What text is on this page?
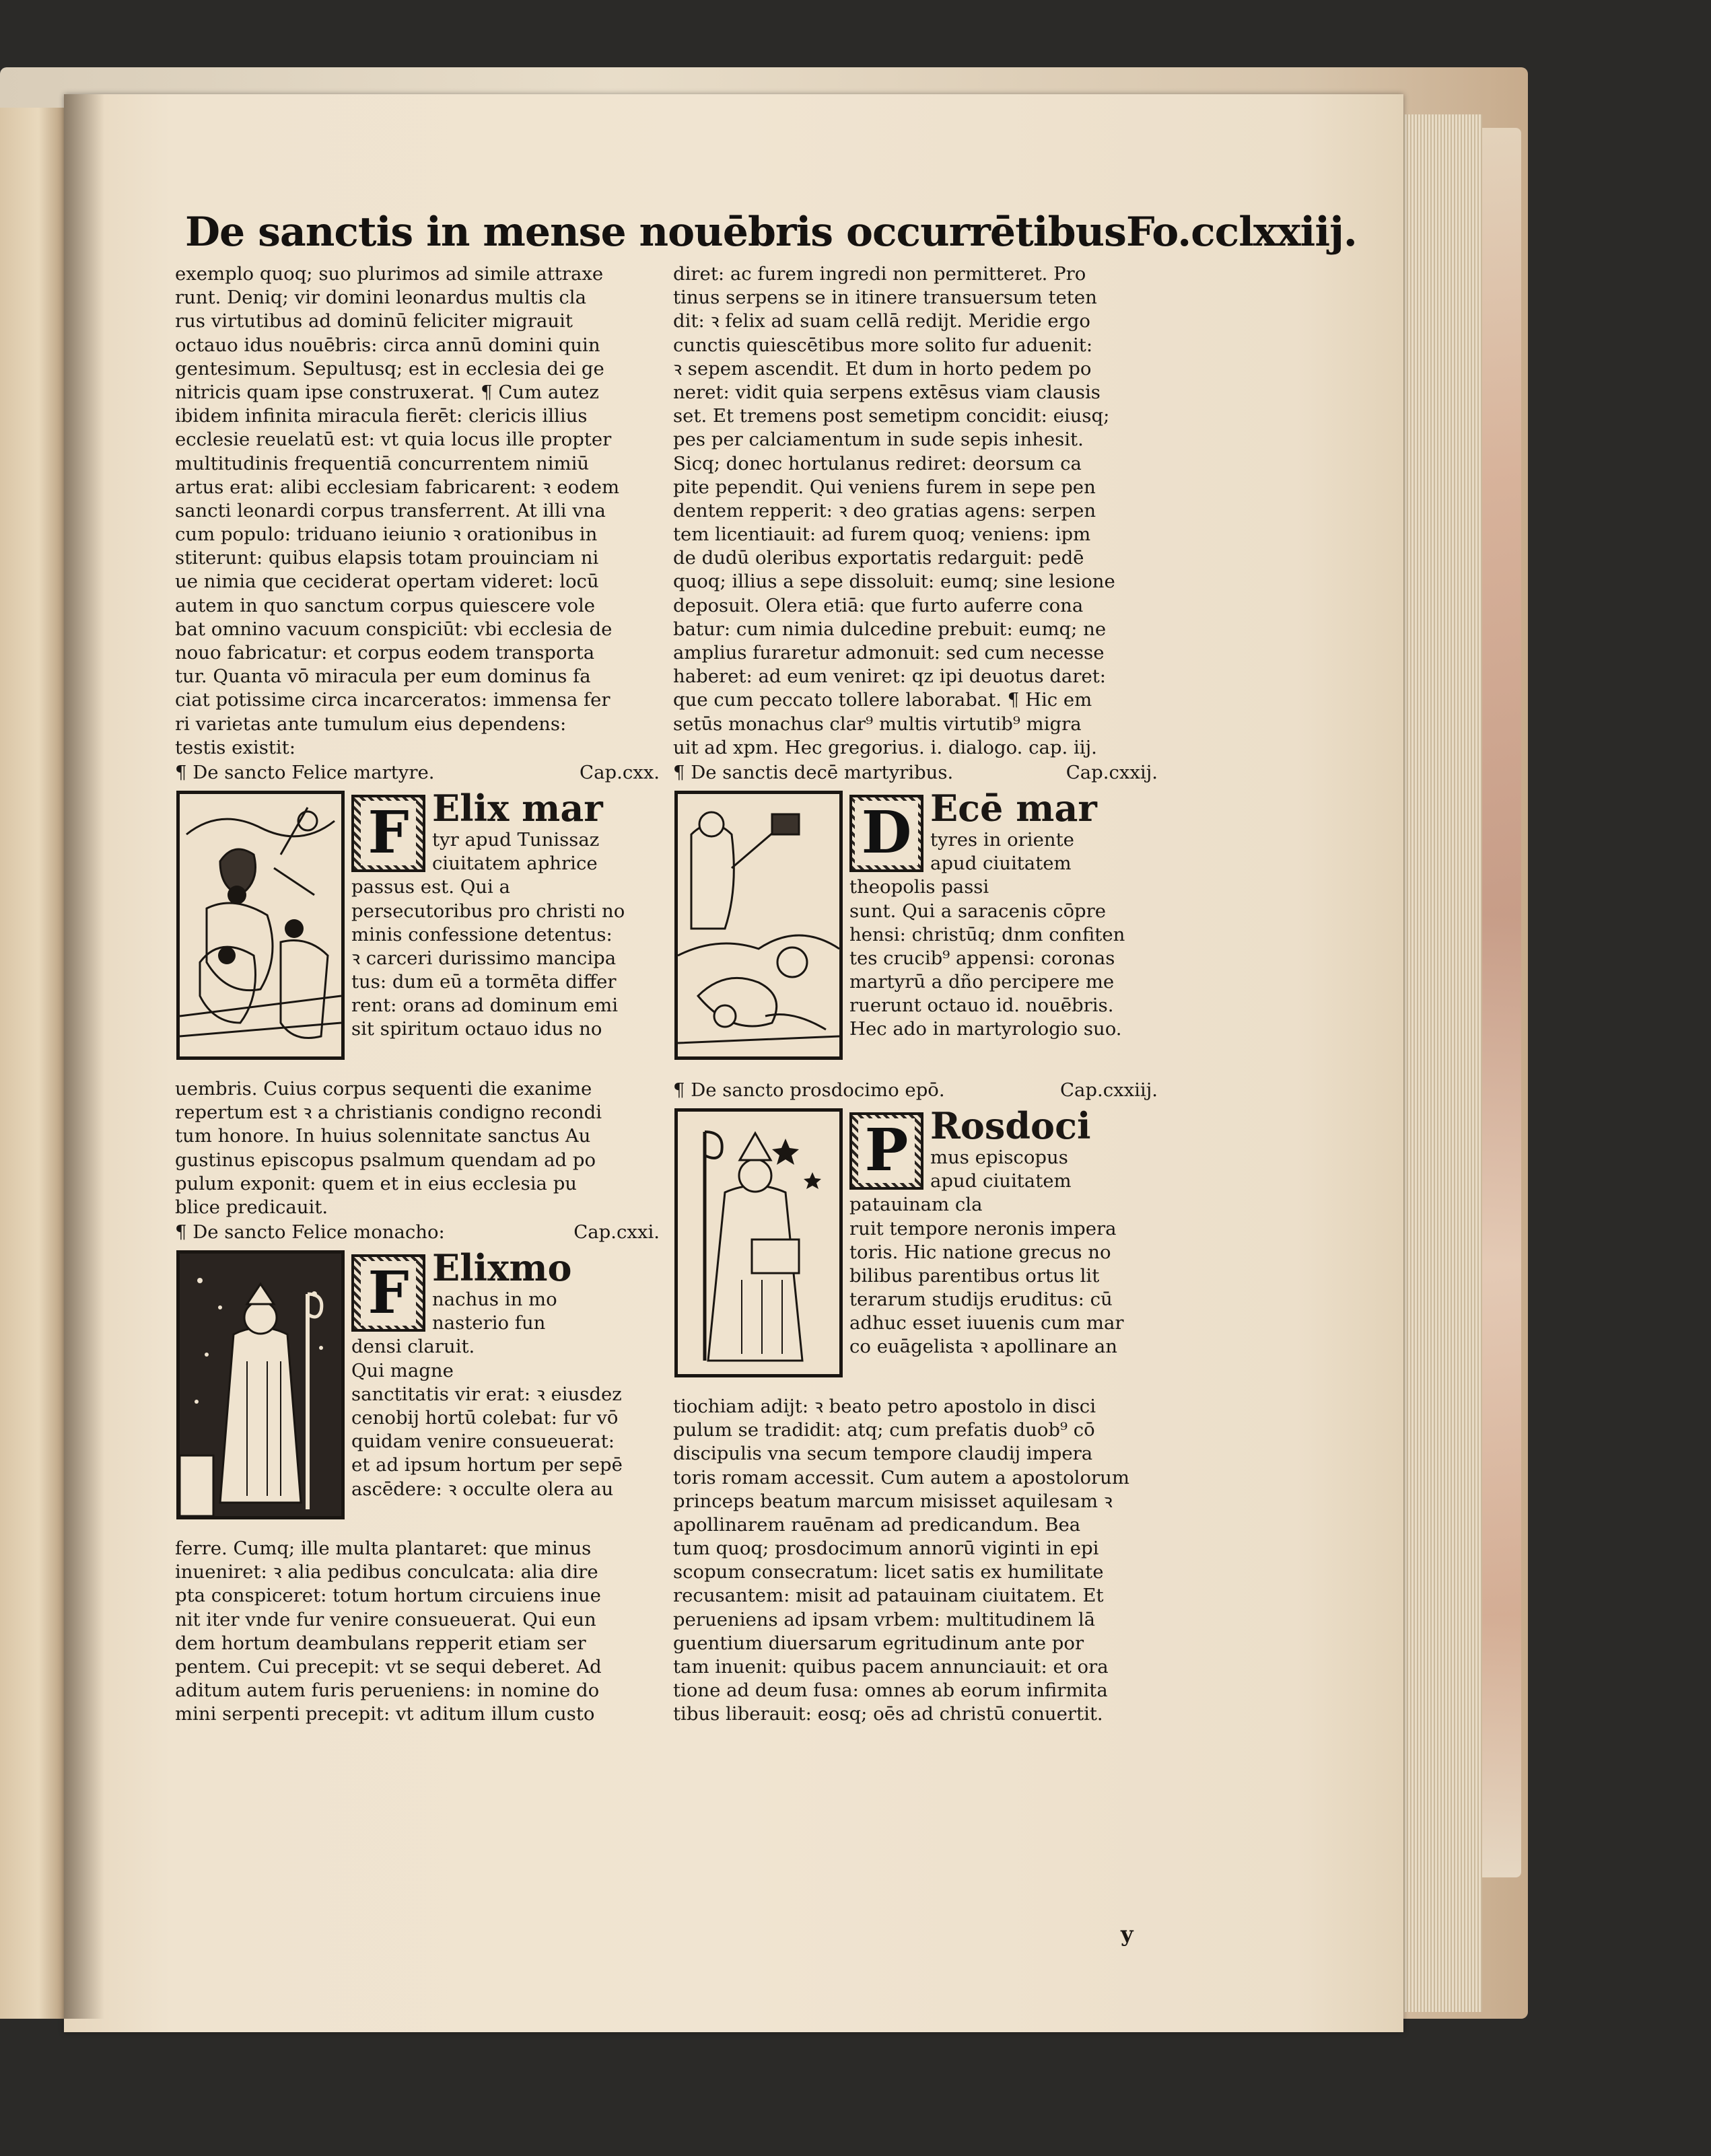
De sanctis in mense nouēbris occurrētibus Fo.cclxxiij.
exemplo quoq; suo plurimos ad simile attraxe
runt. Deniq; vir domini leonardus multis cla
rus virtutibus ad dominū feliciter migrauit
octauo idus nouēbris: circa annū domini quin
gentesimum. Sepultusq; est in ecclesia dei ge
nitricis quam ipse construxerat. ¶ Cum autez
ibidem infinita miracula fierēt: clericis illius
ecclesie reuelatū est: vt quia locus ille propter
multitudinis frequentiā concurrentem nimiū
artus erat: alibi ecclesiam fabricarent: ꝛ eodem
sancti leonardi corpus transferrent. At illi vna
cum populo: triduano ieiunio ꝛ orationibus in
stiterunt: quibus elapsis totam prouinciam ni
ue nimia que ceciderat opertam videret: locū
autem in quo sanctum corpus quiescere vole
bat omnino vacuum conspiciūt: vbi ecclesia de
nouo fabricatur: et corpus eodem transporta
tur. Quanta vō miracula per eum dominus fa
ciat potissime circa incarceratos: immensa fer
ri varietas ante tumulum eius dependens:
testis existit:
¶ De sancto Felice martyre.	Cap.cxx.
F Elix mar
tyr apud Tunissaz
ciuitatem aphrice
passus est. Qui a
persecutoribus pro christi no
minis confessione detentus:
ꝛ carceri durissimo mancipa
tus: dum eū a tormēta differ
rent: orans ad dominum emi
sit spiritum octauo idus no
uembris. Cuius corpus sequenti die exanime
repertum est ꝛ a christianis condigno recondi
tum honore. In huius solennitate sanctus Au
gustinus episcopus psalmum quendam ad po
pulum exponit: quem et in eius ecclesia pu
blice predicauit.
¶ De sancto Felice monacho:	Cap.cxxi.
F Elixmo
nachus in mo
nasterio fun
densi claruit.
Qui magne
sanctitatis vir erat: ꝛ eiusdez
cenobij hortū colebat: fur vō
quidam venire consueuerat:
et ad ipsum hortum per sepē
ascēdere: ꝛ occulte olera au
ferre. Cumq; ille multa plantaret: que minus
inueniret: ꝛ alia pedibus conculcata: alia dire
pta conspiceret: totum hortum circuiens inue
nit iter vnde fur venire consueuerat. Qui eun
dem hortum deambulans repperit etiam ser
pentem. Cui precepit: vt se sequi deberet. Ad
aditum autem furis perueniens: in nomine do
mini serpenti precepit: vt aditum illum custo
diret: ac furem ingredi non permitteret. Pro
tinus serpens se in itinere transuersum teten
dit: ꝛ felix ad suam cellā redijt. Meridie ergo
cunctis quiescētibus more solito fur aduenit:
ꝛ sepem ascendit. Et dum in horto pedem po
neret: vidit quia serpens extēsus viam clausis
set. Et tremens post semetipm concidit: eiusq;
pes per calciamentum in sude sepis inhesit.
Sicq; donec hortulanus rediret: deorsum ca
pite pependit. Qui veniens furem in sepe pen
dentem repperit: ꝛ deo gratias agens: serpen
tem licentiauit: ad furem quoq; veniens: ipm
de dudū oleribus exportatis redarguit: pedē
quoq; illius a sepe dissoluit: eumq; sine lesione
deposuit. Olera etiā: que furto auferre cona
batur: cum nimia dulcedine prebuit: eumq; ne
amplius furaretur admonuit: sed cum necesse
haberet: ad eum veniret: qz ipi deuotus daret:
que cum peccato tollere laborabat. ¶ Hic em
setūs monachus clar⁹ multis virtutib⁹ migra
uit ad xpm. Hec gregorius. i. dialogo. cap. iij.
¶ De sanctis decē martyribus.	Cap.cxxij.
D Ecē mar
tyres in oriente
apud ciuitatem
theopolis passi
sunt. Qui a saracenis cōpre
hensi: christūq; dnm confiten
tes crucib⁹ appensi: coronas
martyrū a dño percipere me
ruerunt octauo id. nouēbris.
Hec ado in martyrologio suo.
¶ De sancto prosdocimo epō.	Cap.cxxiij.
P Rosdoci
mus episcopus
apud ciuitatem
patauinam cla
ruit tempore neronis impera
toris. Hic natione grecus no
bilibus parentibus ortus lit
terarum studijs eruditus: cū
adhuc esset iuuenis cum mar
co euāgelista ꝛ apollinare an
tiochiam adijt: ꝛ beato petro apostolo in disci
pulum se tradidit: atq; cum prefatis duob⁹ cō
discipulis vna secum tempore claudij impera
toris romam accessit. Cum autem a apostolorum
princeps beatum marcum misisset aquilesam ꝛ
apollinarem rauēnam ad predicandum. Bea
tum quoq; prosdocimum annorū viginti in epi
scopum consecratum: licet satis ex humilitate
recusantem: misit ad patauinam ciuitatem. Et
perueniens ad ipsam vrbem: multitudinem lā
guentium diuersarum egritudinum ante por
tam inuenit: quibus pacem annunciauit: et ora
tione ad deum fusa: omnes ab eorum infirmita
tibus liberauit: eosq; oēs ad christū conuertit.
y
